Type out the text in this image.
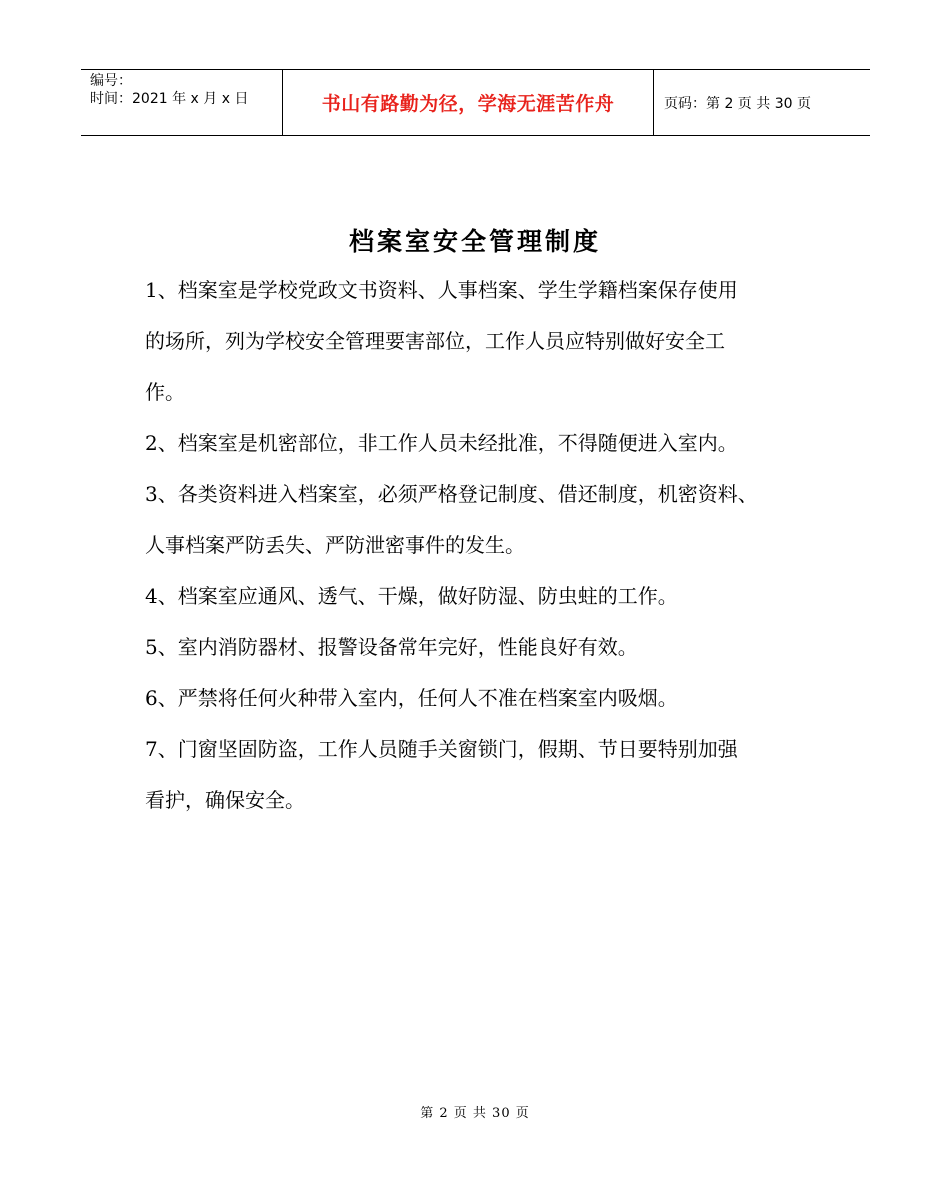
编号：
时间：2021 年 x 月 x 日	书山有路勤为径，学海无涯苦作舟	页码：第 2 页 共 30 页
档案室安全管理制度

1、档案室是学校党政文书资料、人事档案、学生学籍档案保存使用

的场所，列为学校安全管理要害部位，工作人员应特别做好安全工

作。

2、档案室是机密部位，非工作人员未经批准，不得随便进入室内。

3、各类资料进入档案室，必须严格登记制度、借还制度，机密资料、

人事档案严防丢失、严防泄密事件的发生。

4、档案室应通风、透气、干燥，做好防湿、防虫蛀的工作。

5、室内消防器材、报警设备常年完好，性能良好有效。

6、严禁将任何火种带入室内，任何人不准在档案室内吸烟。

7、门窗坚固防盗，工作人员随手关窗锁门，假期、节日要特别加强

看护，确保安全。

第 2 页 共 30 页
